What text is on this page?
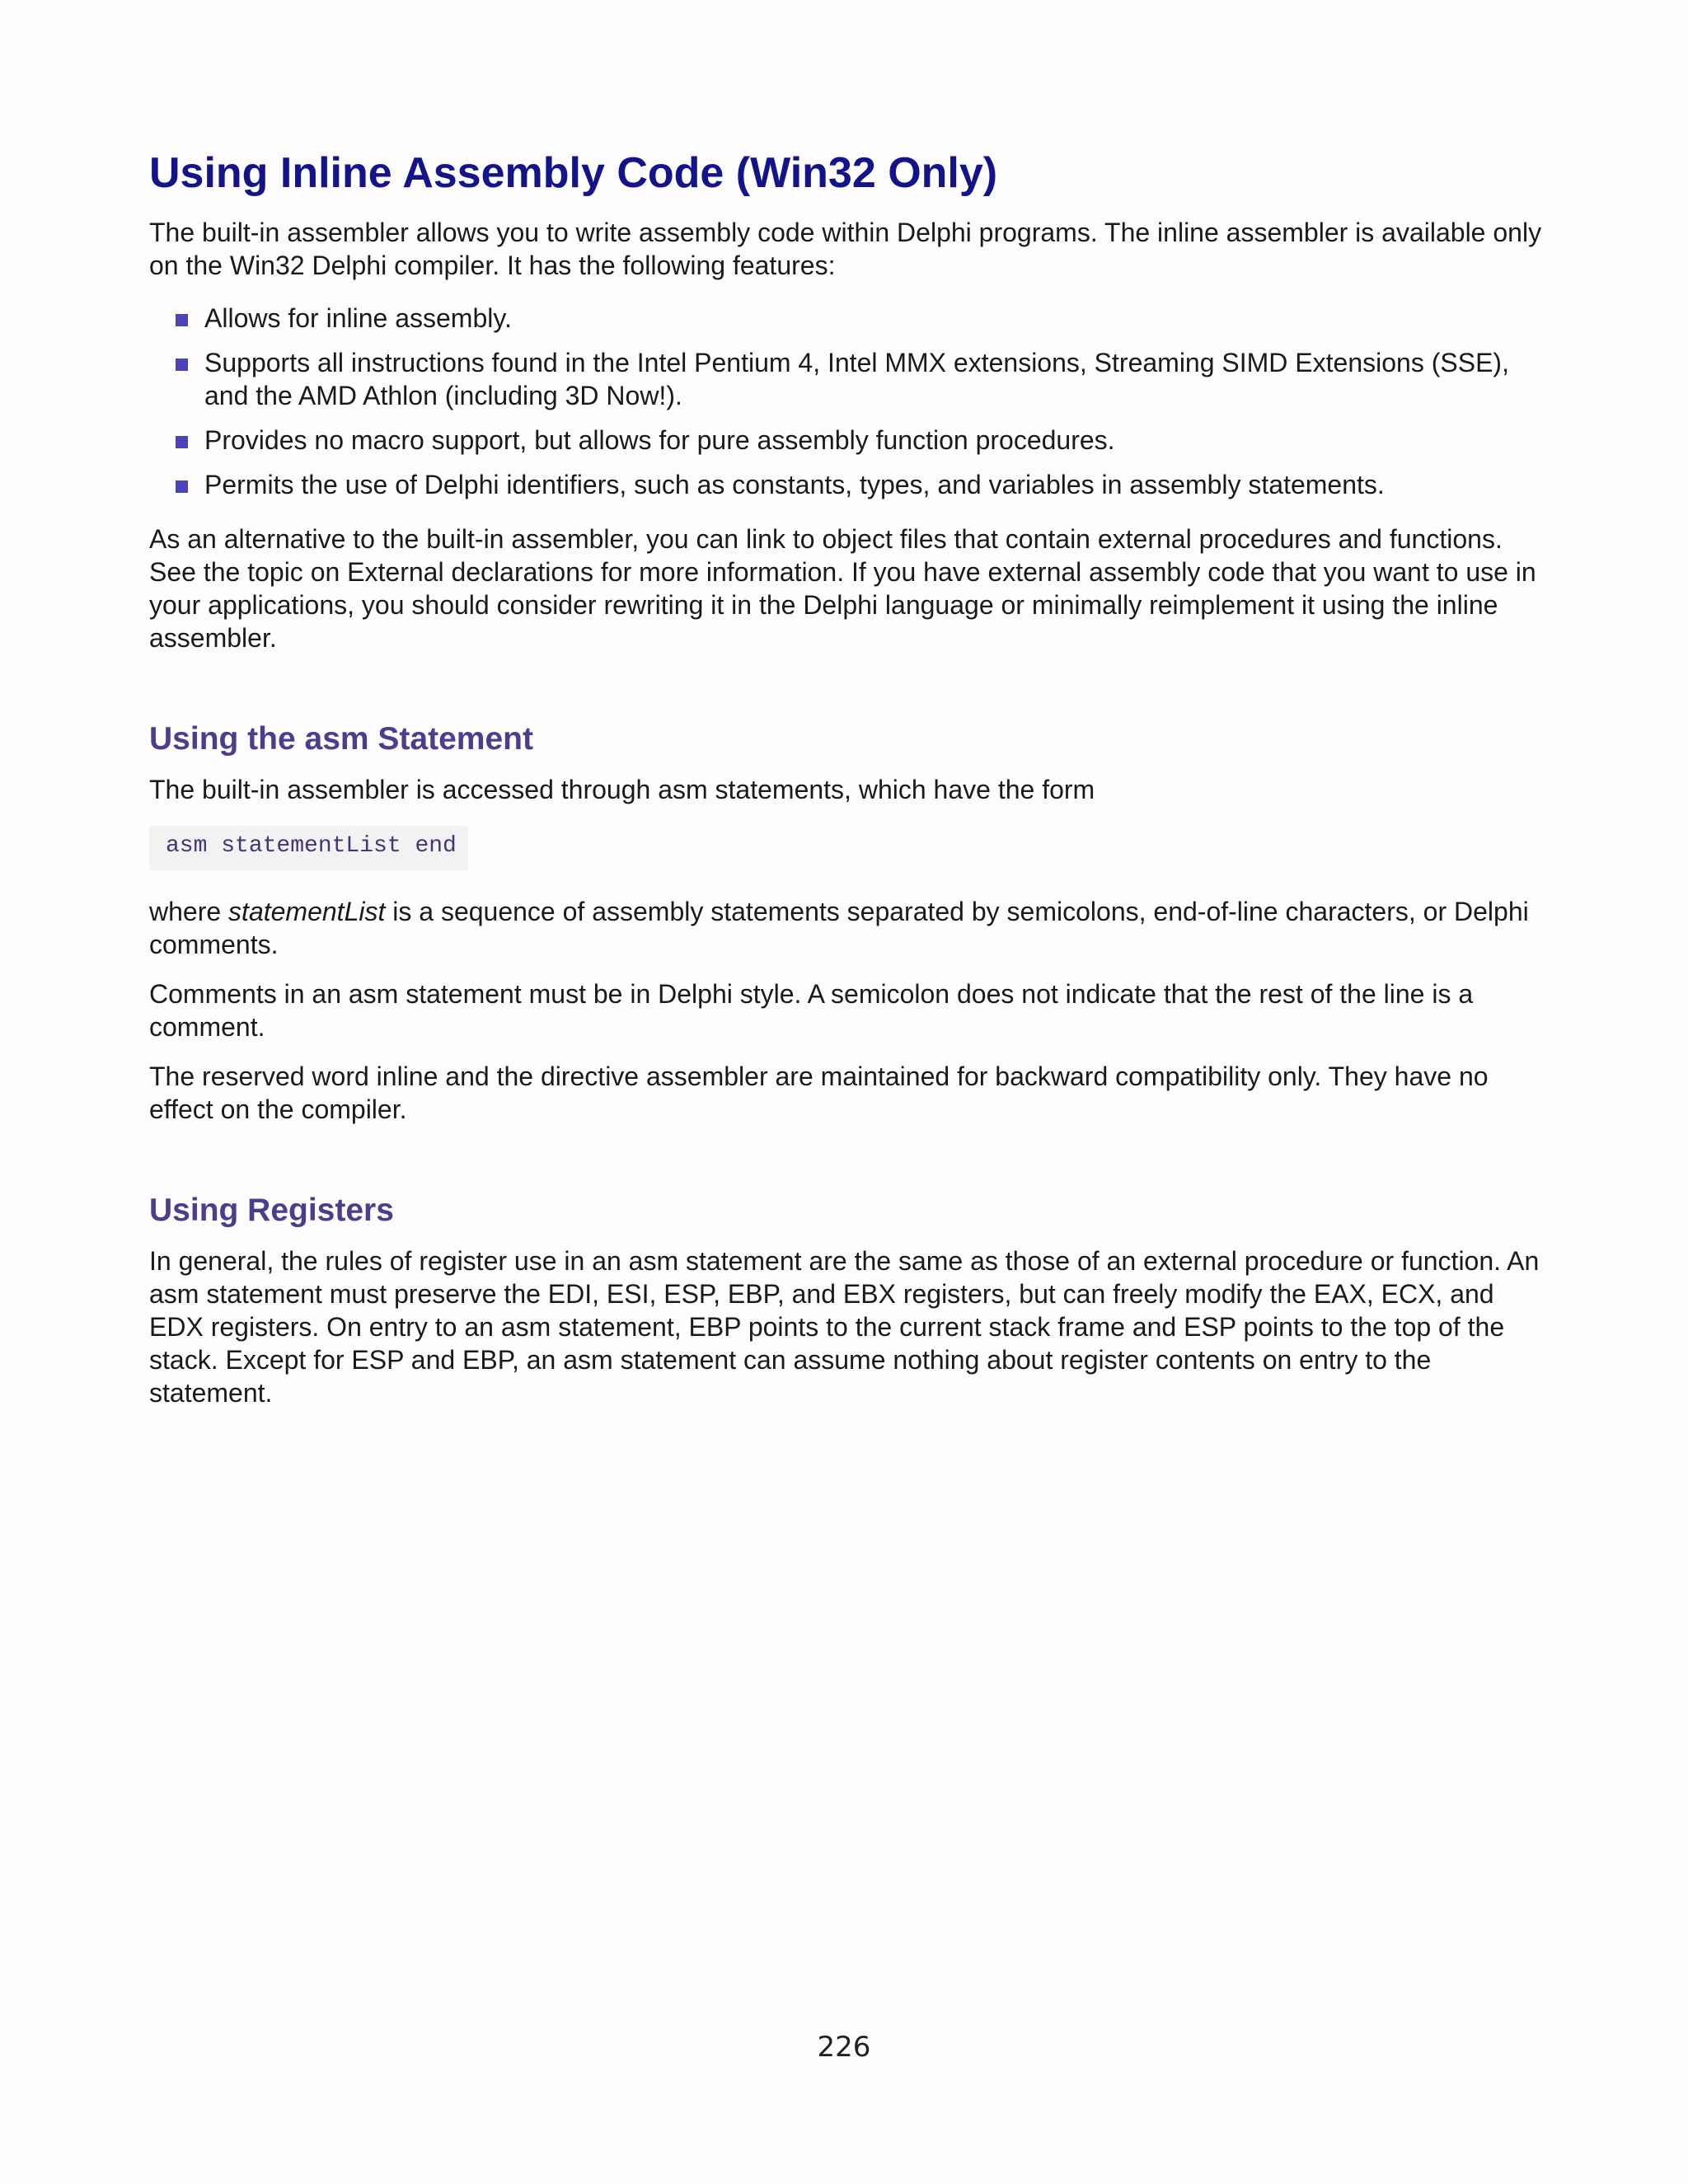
Using Inline Assembly Code (Win32 Only)

The built-in assembler allows you to write assembly code within Delphi programs. The inline assembler is available only on the Win32 Delphi compiler. It has the following features:

Allows for inline assembly.
Supports all instructions found in the Intel Pentium 4, Intel MMX extensions, Streaming SIMD Extensions (SSE), and the AMD Athlon (including 3D Now!).
Provides no macro support, but allows for pure assembly function procedures.
Permits the use of Delphi identifiers, such as constants, types, and variables in assembly statements.

As an alternative to the built-in assembler, you can link to object files that contain external procedures and functions. See the topic on External declarations for more information. If you have external assembly code that you want to use in your applications, you should consider rewriting it in the Delphi language or minimally reimplement it using the inline assembler.

Using the asm Statement

The built-in assembler is accessed through asm statements, which have the form

asm statementList end

where statementList is a sequence of assembly statements separated by semicolons, end-of-line characters, or Delphi comments.

Comments in an asm statement must be in Delphi style. A semicolon does not indicate that the rest of the line is a comment.

The reserved word inline and the directive assembler are maintained for backward compatibility only. They have no effect on the compiler.

Using Registers

In general, the rules of register use in an asm statement are the same as those of an external procedure or function. An asm statement must preserve the EDI, ESI, ESP, EBP, and EBX registers, but can freely modify the EAX, ECX, and EDX registers. On entry to an asm statement, EBP points to the current stack frame and ESP points to the top of the stack. Except for ESP and EBP, an asm statement can assume nothing about register contents on entry to the statement.

226
